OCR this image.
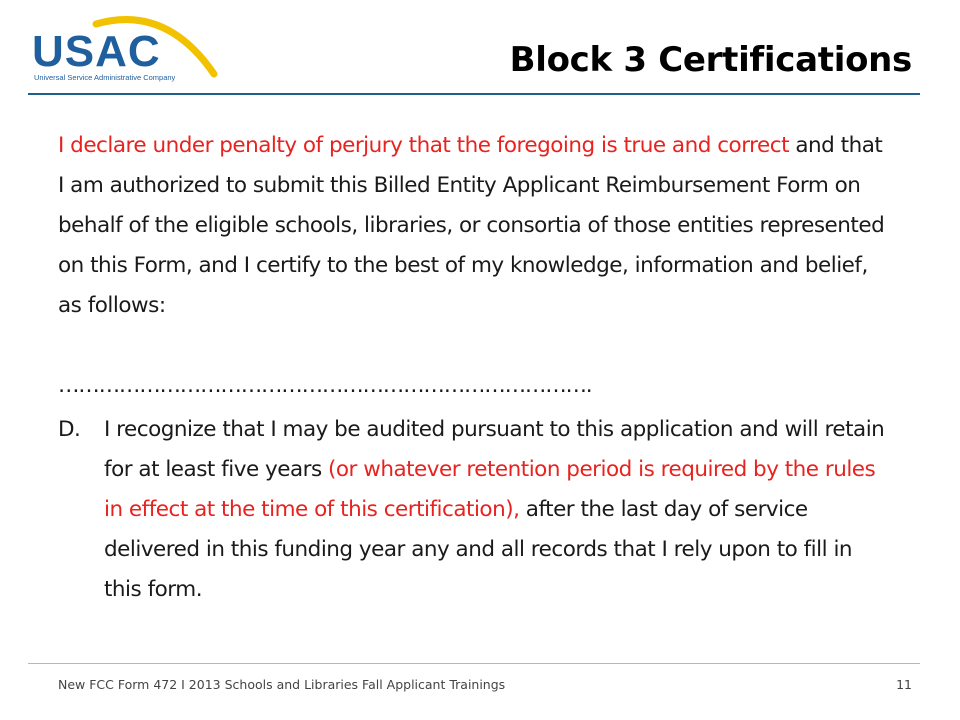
USAC
Universal Service Administrative Company	Block 3 Certifications
I declare under penalty of perjury that the foregoing is true and correct and that I am authorized to submit this Billed Entity Applicant Reimbursement Form on behalf of the eligible schools, libraries, or consortia of those entities represented on this Form, and I certify to the best of my knowledge, information and belief, as follows:
…………………………………………………………………….
D. I recognize that I may be audited pursuant to this application and will retain for at least five years (or whatever retention period is required by the rules in effect at the time of this certification), after the last day of service delivered in this funding year any and all records that I rely upon to fill in this form.
New FCC Form 472 I 2013 Schools and Libraries Fall Applicant Trainings	11
